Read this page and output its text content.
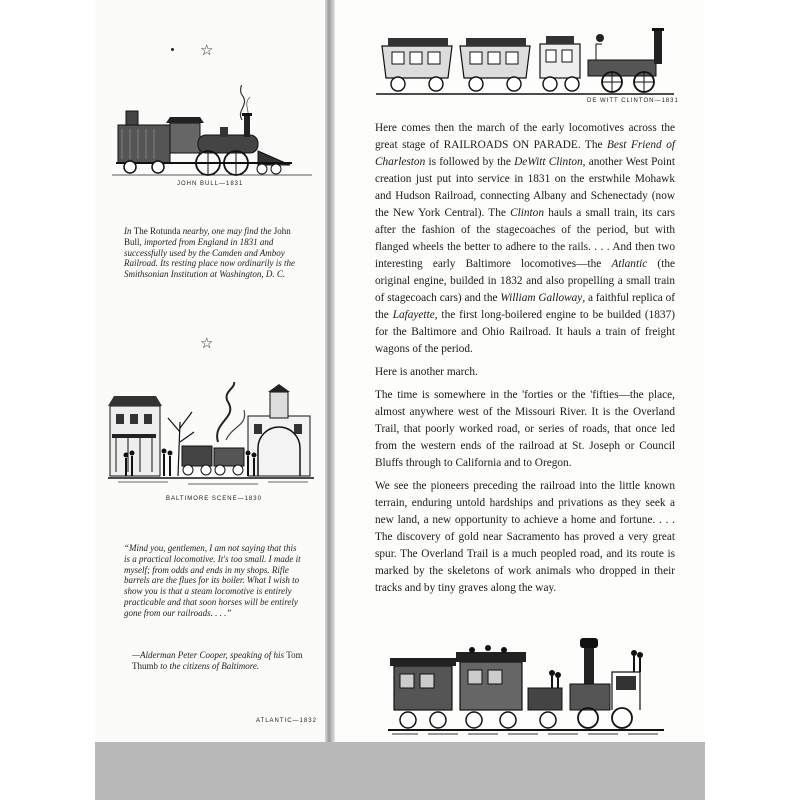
☆
JOHN BULL—1831
In The Rotunda nearby, one may find the John Bull, imported from England in 1831 and successfully used by the Camden and Amboy Railroad. Its resting place now ordinarily is the Smithsonian Institution at Washington, D. C.
☆
BALTIMORE SCENE—1830
“Mind you, gentlemen, I am not saying that this is a practical locomotive. It's too small. I made it myself; from odds and ends in my shops. Rifle barrels are the flues for its boiler. What I wish to show you is that a steam locomotive is entirely practicable and that soon horses will be entirely gone from our railroads. . . .”
—Alderman Peter Cooper, speaking of his Tom Thumb to the citizens of Baltimore.
ATLANTIC—1832
DE WITT CLINTON—1831

Here comes then the march of the early locomotives across the great stage of RAILROADS ON PARADE. The Best Friend of Charleston is followed by the DeWitt Clinton, another West Point creation just put into service in 1831 on the erstwhile Mohawk and Hudson Railroad, connecting Albany and Schenectady (now the New York Central). The Clinton hauls a small train, its cars after the fashion of the stagecoaches of the period, but with flanged wheels the better to adhere to the rails. . . . And then two interesting early Baltimore locomotives—the Atlantic (the original engine, builded in 1832 and also propelling a small train of stagecoach cars) and the William Galloway, a faithful replica of the Lafayette, the first long-boilered engine to be builded (1837) for the Baltimore and Ohio Railroad. It hauls a train of freight wagons of the period.

Here is another march.

The time is somewhere in the 'forties or the 'fifties—the place, almost anywhere west of the Missouri River. It is the Overland Trail, that poorly worked road, or series of roads, that once led from the western ends of the railroad at St. Joseph or Council Bluffs through to California and to Oregon.

We see the pioneers preceding the railroad into the little known terrain, enduring untold hardships and privations as they seek a new land, a new opportunity to achieve a home and fortune. . . . The discovery of gold near Sacramento has proved a very great spur. The Overland Trail is a much peopled road, and its route is marked by the skeletons of work animals who dropped in their tracks and by tiny graves along the way.
